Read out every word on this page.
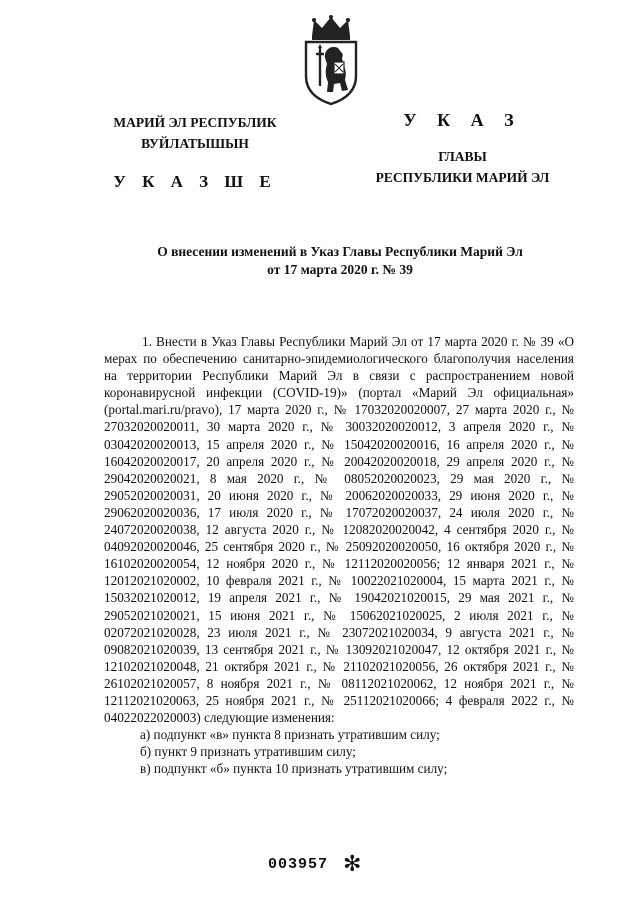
МАРИЙ ЭЛ РЕСПУБЛИК
ВУЙЛАТЫШЫН
У К А З Ш Е
У К А З
ГЛАВЫ
РЕСПУБЛИКИ МАРИЙ ЭЛ
О внесении изменений в Указ Главы Республики Марий Эл
от 17 марта 2020 г. № 39

1. Внести в Указ Главы Республики Марий Эл от 17 марта 2020 г. № 39 «О мерах по обеспечению санитарно-эпидемиологического благополучия населения на территории Республики Марий Эл в связи с распространением новой коронавирусной инфекции (COVID-19)» (портал «Марий Эл официальная» (portal.mari.ru/pravo), 17 марта 2020 г., № 17032020020007, 27 марта 2020 г., № 27032020020011, 30 марта 2020 г., № 30032020020012, 3 апреля 2020 г., № 03042020020013, 15 апреля 2020 г., № 15042020020016, 16 апреля 2020 г., № 16042020020017, 20 апреля 2020 г., № 20042020020018, 29 апреля 2020 г., № 29042020020021, 8 мая 2020 г., № 08052020020023, 29 мая 2020 г., № 29052020020031, 20 июня 2020 г., № 20062020020033, 29 июня 2020 г., № 29062020020036, 17 июля 2020 г., № 17072020020037, 24 июля 2020 г., № 24072020020038, 12 августа 2020 г., № 12082020020042, 4 сентября 2020 г., № 04092020020046, 25 сентября 2020 г., № 25092020020050, 16 октября 2020 г., № 16102020020054, 12 ноября 2020 г., № 12112020020056; 12 января 2021 г., № 12012021020002, 10 февраля 2021 г., № 10022021020004, 15 марта 2021 г., № 15032021020012, 19 апреля 2021 г., № 19042021020015, 29 мая 2021 г., № 29052021020021, 15 июня 2021 г., № 15062021020025, 2 июля 2021 г., № 02072021020028, 23 июля 2021 г., № 23072021020034, 9 августа 2021 г., № 09082021020039, 13 сентября 2021 г., № 13092021020047, 12 октября 2021 г., № 12102021020048, 21 октября 2021 г., № 21102021020056, 26 октября 2021 г., № 26102021020057, 8 ноября 2021 г., № 08112021020062, 12 ноября 2021 г., № 12112021020063, 25 ноября 2021 г., № 25112021020066; 4 февраля 2022 г., № 04022022020003) следующие изменения:

а) подпункт «в» пункта 8 признать утратившим силу;

б) пункт 9 признать утратившим силу;

в) подпункт «б» пункта 10 признать утратившим силу;

003957 ✻
